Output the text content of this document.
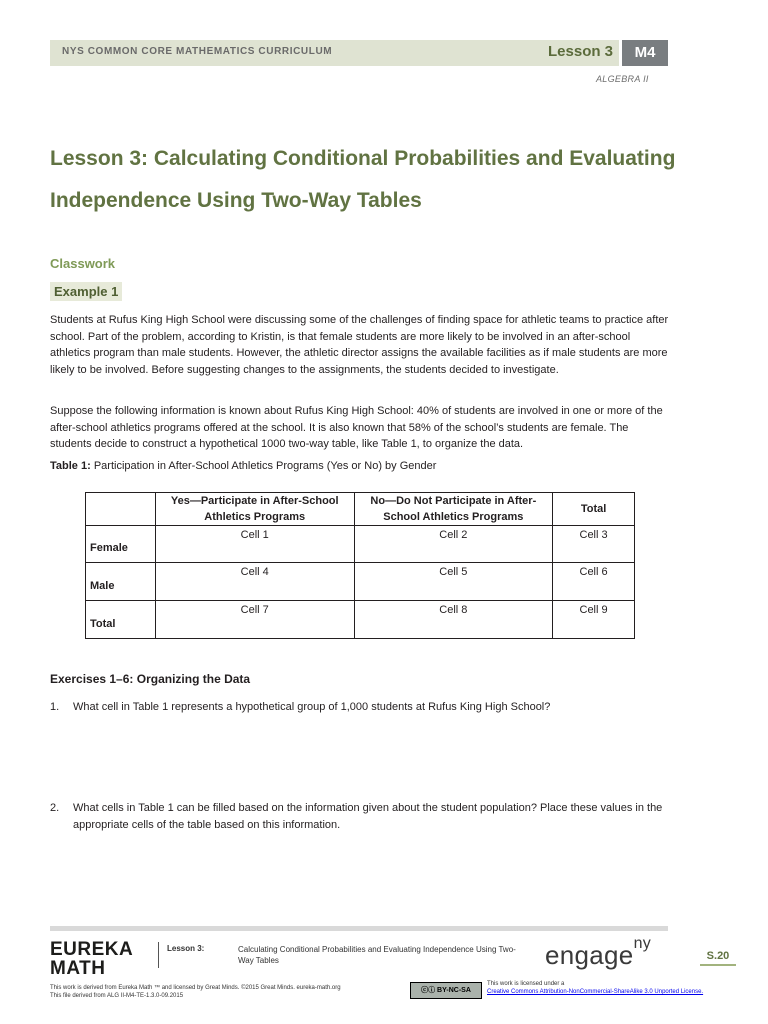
NYS COMMON CORE MATHEMATICS CURRICULUM	Lesson 3	M4
ALGEBRA II
Lesson 3: Calculating Conditional Probabilities and Evaluating
Independence Using Two-Way Tables
Classwork
Example 1
Students at Rufus King High School were discussing some of the challenges of finding space for athletic teams to practice after school. Part of the problem, according to Kristin, is that female students are more likely to be involved in an after-school athletics program than male students. However, the athletic director assigns the available facilities as if male students are more likely to be involved. Before suggesting changes to the assignments, the students decided to investigate.
Suppose the following information is known about Rufus King High School: 40% of students are involved in one or more of the after-school athletics programs offered at the school. It is also known that 58% of the school’s students are female. The students decide to construct a hypothetical 1000 two-way table, like Table 1, to organize the data.
Table 1: Participation in After-School Athletics Programs (Yes or No) by Gender
	Yes—Participate in After-School Athletics Programs	No—Do Not Participate in After-School Athletics Programs	Total
Female	Cell 1	Cell 2	Cell 3
Male	Cell 4	Cell 5	Cell 6
Total	Cell 7	Cell 8	Cell 9
Exercises 1–6: Organizing the Data
1. What cell in Table 1 represents a hypothetical group of 1,000 students at Rufus King High School?
2. What cells in Table 1 can be filled based on the information given about the student population? Place these values in the appropriate cells of the table based on this information.
EUREKA
MATH
Lesson 3:	Calculating Conditional Probabilities and Evaluating Independence Using Two-Way Tables	engage$^{ny}$
S.20
This work is derived from Eureka Math ™ and licensed by Great Minds. ©2015 Great Minds. eureka-math.org
This file derived from ALG II-M4-TE-1.3.0-09.2015
ⓒⓘ BY-NC-SA
This work is licensed under a
Creative Commons Attribution-NonCommercial-ShareAlike 3.0 Unported License.
